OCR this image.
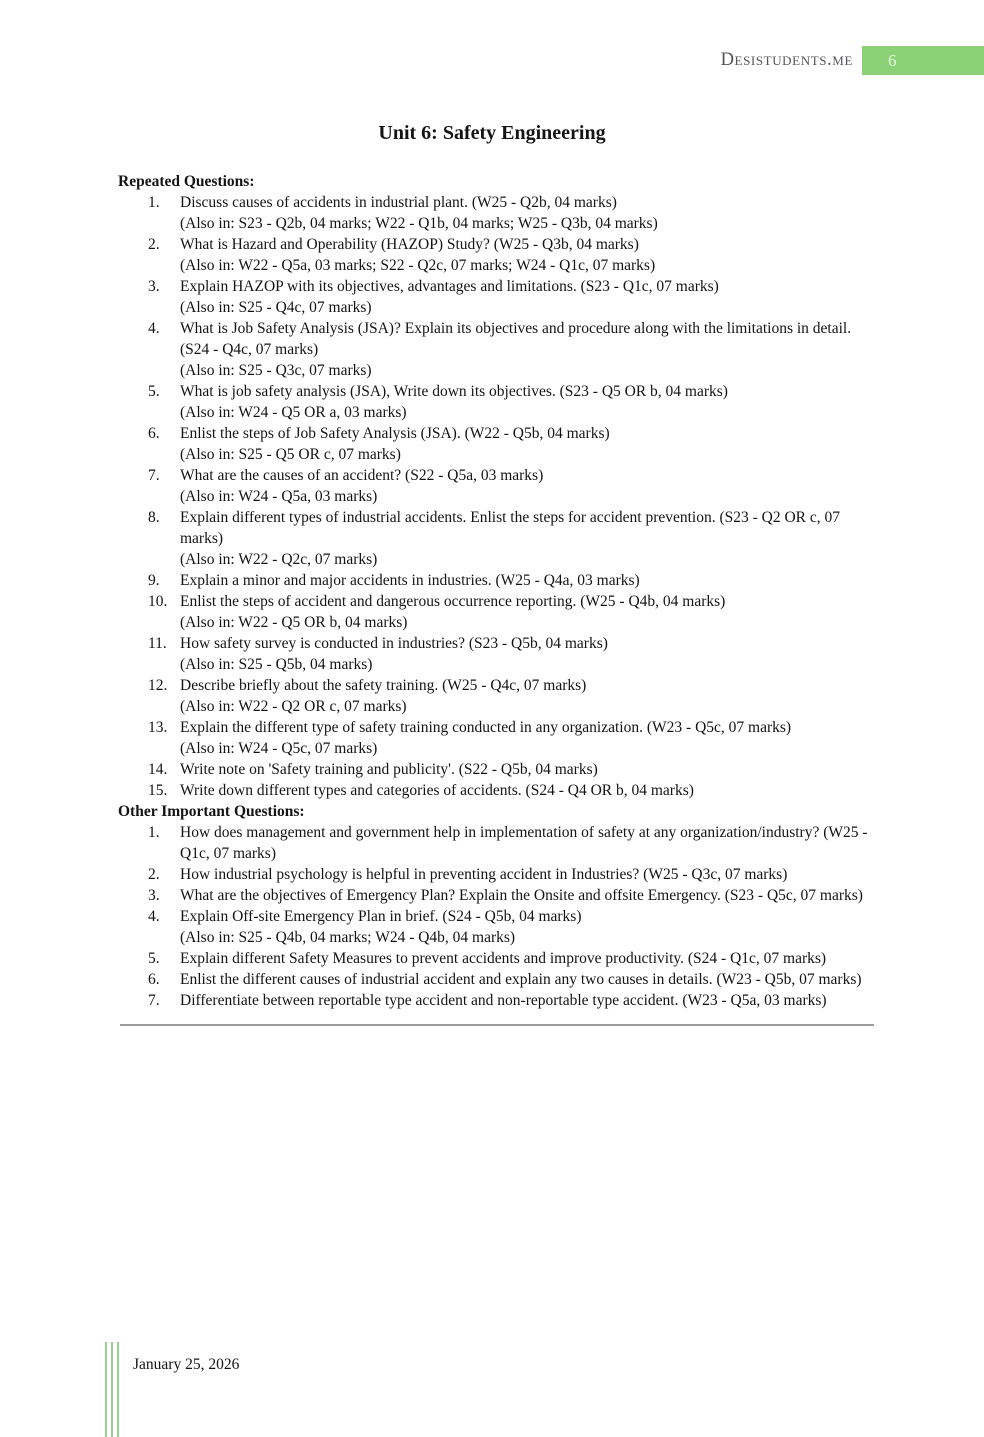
Desistudents.me 6
Unit 6: Safety Engineering
Repeated Questions:
1. Discuss causes of accidents in industrial plant. (W25 - Q2b, 04 marks)
(Also in: S23 - Q2b, 04 marks; W22 - Q1b, 04 marks; W25 - Q3b, 04 marks)
2. What is Hazard and Operability (HAZOP) Study? (W25 - Q3b, 04 marks)
(Also in: W22 - Q5a, 03 marks; S22 - Q2c, 07 marks; W24 - Q1c, 07 marks)
3. Explain HAZOP with its objectives, advantages and limitations. (S23 - Q1c, 07 marks)
(Also in: S25 - Q4c, 07 marks)
4. What is Job Safety Analysis (JSA)? Explain its objectives and procedure along with the limitations in detail. (S24 - Q4c, 07 marks)
(Also in: S25 - Q3c, 07 marks)
5. What is job safety analysis (JSA), Write down its objectives. (S23 - Q5 OR b, 04 marks)
(Also in: W24 - Q5 OR a, 03 marks)
6. Enlist the steps of Job Safety Analysis (JSA). (W22 - Q5b, 04 marks)
(Also in: S25 - Q5 OR c, 07 marks)
7. What are the causes of an accident? (S22 - Q5a, 03 marks)
(Also in: W24 - Q5a, 03 marks)
8. Explain different types of industrial accidents. Enlist the steps for accident prevention. (S23 - Q2 OR c, 07 marks)
(Also in: W22 - Q2c, 07 marks)
9. Explain a minor and major accidents in industries. (W25 - Q4a, 03 marks)
10. Enlist the steps of accident and dangerous occurrence reporting. (W25 - Q4b, 04 marks)
(Also in: W22 - Q5 OR b, 04 marks)
11. How safety survey is conducted in industries? (S23 - Q5b, 04 marks)
(Also in: S25 - Q5b, 04 marks)
12. Describe briefly about the safety training. (W25 - Q4c, 07 marks)
(Also in: W22 - Q2 OR c, 07 marks)
13. Explain the different type of safety training conducted in any organization. (W23 - Q5c, 07 marks)
(Also in: W24 - Q5c, 07 marks)
14. Write note on 'Safety training and publicity'. (S22 - Q5b, 04 marks)
15. Write down different types and categories of accidents. (S24 - Q4 OR b, 04 marks)
Other Important Questions:
1. How does management and government help in implementation of safety at any organization/industry? (W25 - Q1c, 07 marks)
2. How industrial psychology is helpful in preventing accident in Industries? (W25 - Q3c, 07 marks)
3. What are the objectives of Emergency Plan? Explain the Onsite and offsite Emergency. (S23 - Q5c, 07 marks)
4. Explain Off-site Emergency Plan in brief. (S24 - Q5b, 04 marks)
(Also in: S25 - Q4b, 04 marks; W24 - Q4b, 04 marks)
5. Explain different Safety Measures to prevent accidents and improve productivity. (S24 - Q1c, 07 marks)
6. Enlist the different causes of industrial accident and explain any two causes in details. (W23 - Q5b, 07 marks)
7. Differentiate between reportable type accident and non-reportable type accident. (W23 - Q5a, 03 marks)
January 25, 2026
